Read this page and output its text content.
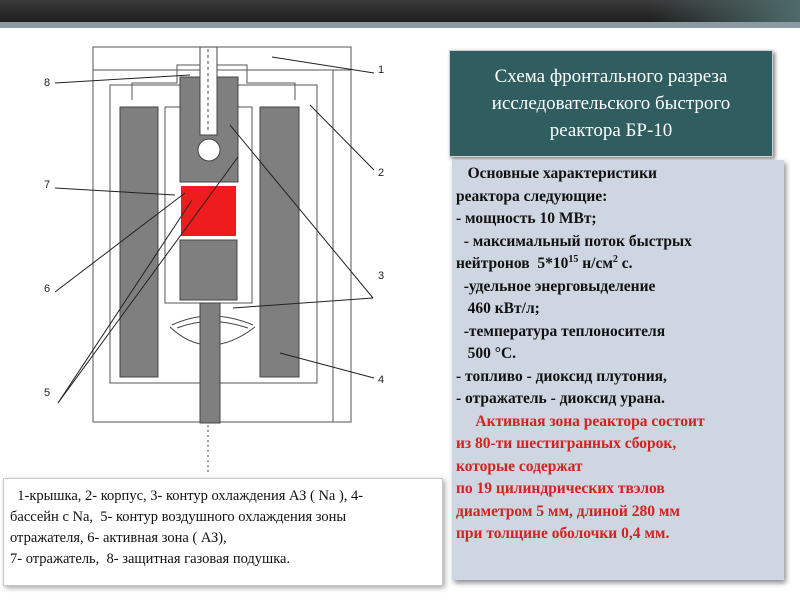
Схема фронтального разреза
исследовательского быстрого
реактора БР-10
Основные характеристики
реактора следующие:
- мощность 10 МВт;
- максимальный поток быстрых
нейтронов  $5*10^{15}$ $н/см^2$ с.
-удельное энерговыделение
460 кВт/л;
-температура теплоносителя
500 °С.
- топливо - диоксид плутония,
- отражатель - диоксид урана.
Активная зона реактора состоит
из 80-ти шестигранных сборок,
которые содержат
по 19 цилиндрических твэлов
диаметром 5 мм, длиной 280 мм
при толщине оболочки 0,4 мм.
1-крышка, 2- корпус, 3- контур охлаждения АЗ ( Na ), 4-
бассейн с Na,  5- контур воздушного охлаждения зоны
отражателя, 6- активная зона ( АЗ),
7- отражатель,  8- защитная газовая подушка.
1
2
3
4
5
6
7
8
